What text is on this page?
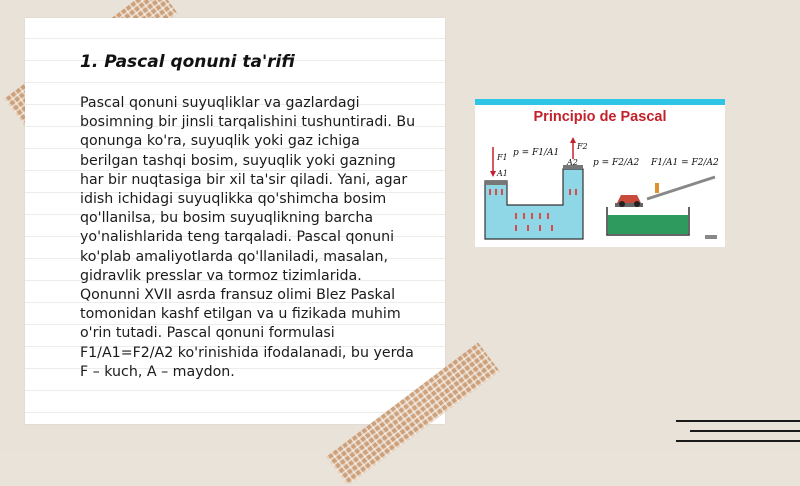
1. Pascal qonuni ta'rifi

Pascal qonuni suyuqliklar va gazlardagi bosimning bir jinsli tarqalishini tushuntiradi. Bu qonunga ko'ra, suyuqlik yoki gaz ichiga berilgan tashqi bosim, suyuqlik yoki gazning har bir nuqtasiga bir xil ta'sir qiladi. Yani, agar idish ichidagi suyuqlikka qo'shimcha bosim qo'llanilsa, bu bosim suyuqlikning barcha yo'nalishlarida teng tarqaladi. Pascal qonuni ko'plab amaliyotlarda qo'llaniladi, masalan, gidravlik presslar va tormoz tizimlarida. Qonunni XVII asrda fransuz olimi Blez Paskal tomonidan kashf etilgan va u fizikada muhim o'rin tutadi. Pascal qonuni formulasi F1/A1=F2/A2 ko'rinishida ifodalanadi, bu yerda F – kuch, A – maydon.

Principio de Pascal
F1
A1
F2
A2
p = F1/A1
p = F2/A2 F1/A1 = F2/A2
